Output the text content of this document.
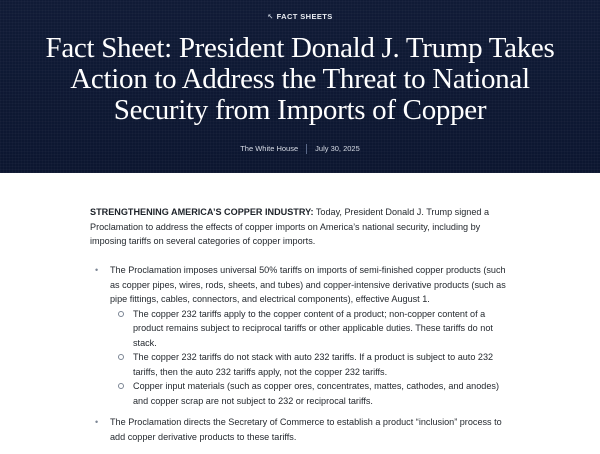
↖ FACT SHEETS
Fact Sheet: President Donald J. Trump Takes Action to Address the Threat to National Security from Imports of Copper
The White House July 30, 2025

STRENGTHENING AMERICA’S COPPER INDUSTRY: Today, President Donald J. Trump signed a Proclamation to address the effects of copper imports on America’s national security, including by imposing tariffs on several categories of copper imports.

• The Proclamation imposes universal 50% tariffs on imports of semi-finished copper products (such as copper pipes, wires, rods, sheets, and tubes) and copper-intensive derivative products (such as pipe fittings, cables, connectors, and electrical components), effective August 1.
The copper 232 tariffs apply to the copper content of a product; non-copper content of a product remains subject to reciprocal tariffs or other applicable duties. These tariffs do not stack.
The copper 232 tariffs do not stack with auto 232 tariffs. If a product is subject to auto 232 tariffs, then the auto 232 tariffs apply, not the copper 232 tariffs.
Copper input materials (such as copper ores, concentrates, mattes, cathodes, and anodes) and copper scrap are not subject to 232 or reciprocal tariffs.
• The Proclamation directs the Secretary of Commerce to establish a product “inclusion” process to add copper derivative products to these tariffs.
